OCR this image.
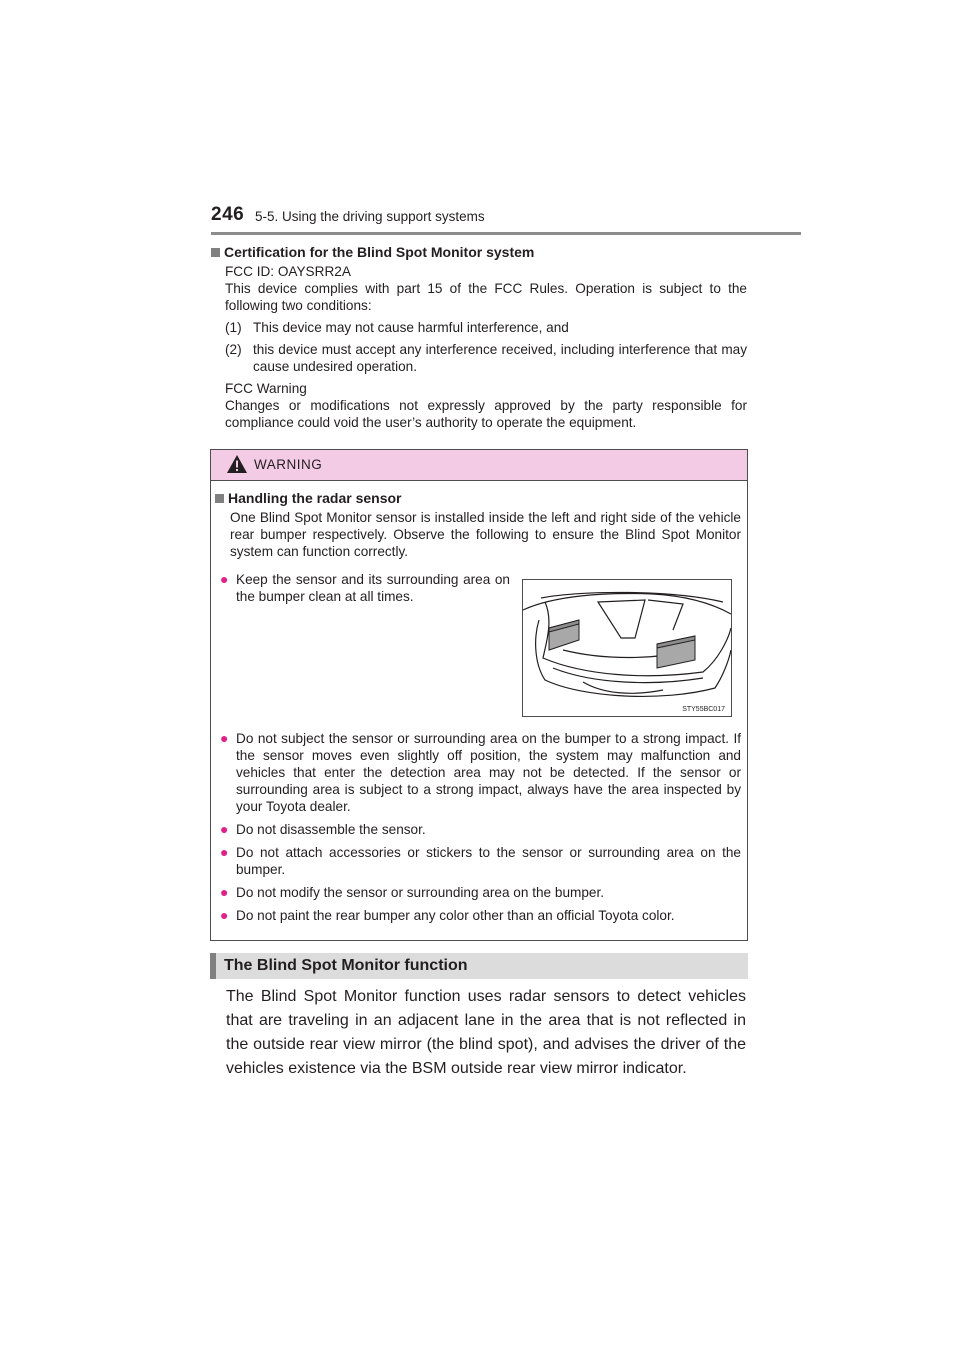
246 5-5. Using the driving support systems
Certification for the Blind Spot Monitor system
FCC ID: OAYSRR2A
This device complies with part 15 of the FCC Rules. Operation is subject to the following two conditions:
(1) This device may not cause harmful interference, and
(2) this device must accept any interference received, including interference that may cause undesired operation.
FCC Warning
Changes or modifications not expressly approved by the party responsible for compliance could void the user’s authority to operate the equipment.
WARNING
Handling the radar sensor
One Blind Spot Monitor sensor is installed inside the left and right side of the vehicle rear bumper respectively. Observe the following to ensure the Blind Spot Monitor system can function correctly.
● Keep the sensor and its surrounding area on the bumper clean at all times.
● Do not subject the sensor or surrounding area on the bumper to a strong impact. If the sensor moves even slightly off position, the system may malfunction and vehicles that enter the detection area may not be detected. If the sensor or surrounding area is subject to a strong impact, always have the area inspected by your Toyota dealer.
● Do not disassemble the sensor.
● Do not attach accessories or stickers to the sensor or surrounding area on the bumper.
● Do not modify the sensor or surrounding area on the bumper.
● Do not paint the rear bumper any color other than an official Toyota color.
STY55BC017
The Blind Spot Monitor function
The Blind Spot Monitor function uses radar sensors to detect vehicles that are traveling in an adjacent lane in the area that is not reflected in the outside rear view mirror (the blind spot), and advises the driver of the vehicles existence via the BSM outside rear view mirror indicator.
